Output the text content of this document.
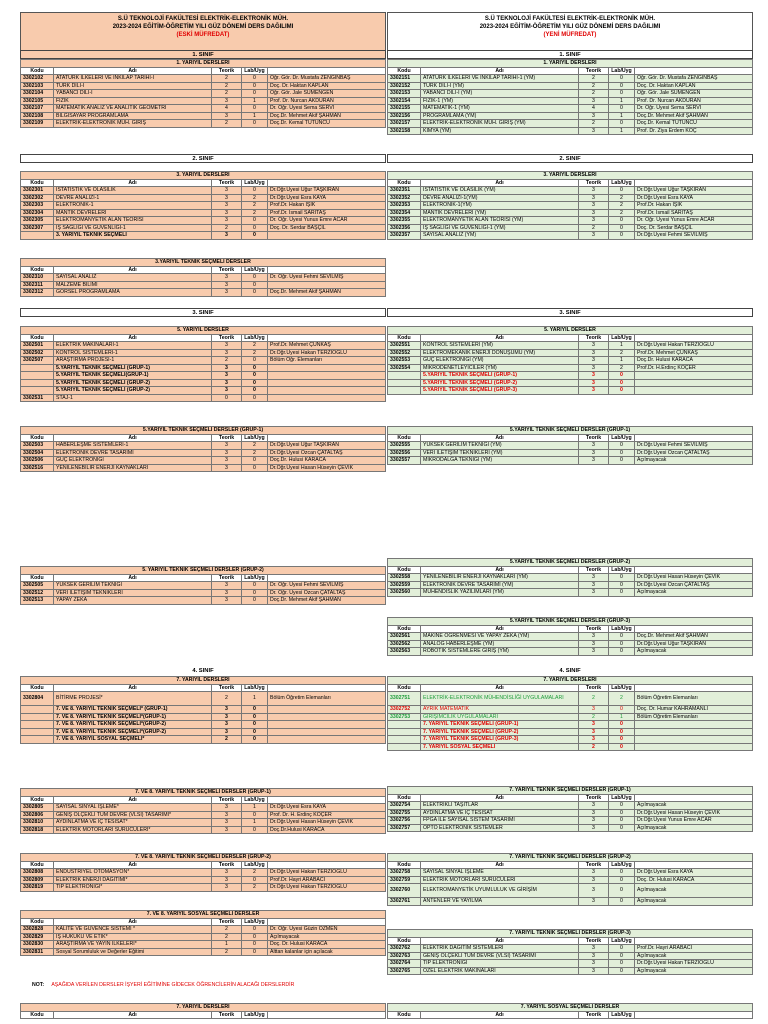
S.Ü TEKNOLOJİ FAKÜLTESİ ELEKTRİK-ELEKTRONİK MÜH.
2023-2024 EĞİTİM-ÖĞRETİM YILI GÜZ DÖNEMİ DERS DAĞILIMI
(ESKİ MÜFREDAT)
1. SINIF
1. YARIYIL DERSLERİ				
Kodu	Adı	Teorik	Lab/Uyg	
3302102	ATATÜRK İLKELERİ VE İNKILAP TARİHİ-I	2	0	Öğr. Gör. Dr. Mustafa ZENGİNBAŞ
3302103	TÜRK DİLİ-I	2	0	Doç. Dr. Haktan KAPLAN
3302104	YABANCI DİLİ-I	2	0	Öğr. Gör. Jale SÜMENGEN
3302105	FİZİK	3	1	Prof. Dr. Nurcan AKDURAN
3302107	MATEMATİK ANALİZ VE ANALİTİK GEOMETRİ	4	0	Dr. Öğr. Üyesi Sema SERVİ
3302108	BİLGİSAYAR PROGRAMLAMA	3	1	Doç.Dr. Mehmet Akif ŞAHMAN
3302109	ELEKTRİK-ELEKTRONİK MÜH. GİRİŞ	2	0	Doç.Dr. Kemal TÜTÜNCÜ
2. SINIF
3. YARIYIL DERSLERİ				
Kodu	Adı	Teorik	Lab/Uyg	
3302301	İSTATİSTİK VE OLASILIK	3	0	Dr.Öğr.Üyesi Uğur TAŞKIRAN
3302302	DEVRE ANALİZİ-1	3	2	Dr.Öğr.Üyesi Esra KAYA
3302303	ELEKTRONİK-1	3	2	Prof.Dr. Hakan IŞIK
3302304	MANTIK DEVRELERİ	3	2	Prof.Dr. İsmail SARITAŞ
3302305	ELEKTROMANYETİK ALAN TEORİSİ	3	0	Dr. Öğr. Üyesi Yunus Emre ACAR
3302307	İŞ SAĞLIĞI VE GÜVENLİĞİ-1	2	0	Doç. Dr. Serdar BAŞÇİL
	3. YARIYIL TEKNİK SEÇMELİ	3	0	
3.YARIYIL TEKNİK SEÇMELİ DERSLER				
Kodu	Adı	Teorik	Lab/Uyg	
3302310	SAYISAL ANALİZ	3	0	Dr. Öğr. Üyesi Fehmi SEVİLMİŞ
3302311	MALZEME BİLİMİ	3	0	
3302312	GÖRSEL PROGRAMLAMA	3	0	Doç.Dr. Mehmet Akif ŞAHMAN
3. SINIF
5. YARIYIL DERSLER				
Kodu	Adı	Teorik	Lab/Uyg	
3302501	ELEKTRİK MAKİNALARI-1	3	2	Prof.Dr. Mehmet ÇUNKAŞ
3302502	KONTROL SİSTEMLERİ-1	3	2	Dr.Öğr.Üyesi Hakan TERZİOĞLU
3302507	ARAŞTIRMA PROJESİ-1	2	0	Bölüm Öğr. Elemanları
	5.YARIYIL TEKNİK SEÇMELİ (GRUP-1)	3	0	
	5.YARIYIL TEKNİK SEÇMELİ(GRUP-1)	3	0	
	5.YARIYIL TEKNİK SEÇMELİ (GRUP-2)	3	0	
	5.YARIYIL TEKNİK SEÇMELİ (GRUP-2)	3	0	
3302531	STAJ-1	0	0	
5.YARIYIL TEKNİK SEÇMELİ DERSLER (GRUP-1)				
Kodu	Adı	Teorik	Lab/Uyg	
3302503	HABERLEŞME SİSTEMLERİ-1	3	2	Dr.Öğr.Üyesi Uğur TAŞKIRAN
3302504	ELEKTRONİK DEVRE TASARIMI	3	2	Dr.Öğr.Üyesi Özcan ÇATALTAŞ
3302506	GÜÇ ELEKTRONİĞİ	3	0	Doç.Dr. Hulusi KARACA
3302516	YENİLENEBİLİR ENERJİ KAYNAKLARI	3	0	Dr.Öğr.Üyesi Hasan Hüseyin ÇEVİK
5. YARIYIL TEKNİK SEÇMELİ DERSLER (GRUP-2)				
Kodu	Adı	Teorik	Lab/Uyg	
3302505	YÜKSEK GERİLİM TEKNİĞİ	3	0	Dr. Öğr. Üyesi Fehmi SEVİLMİŞ
3302512	VERİ İLETİŞİM TEKNİKLERİ	3	0	Dr. Öğr. Üyesi Özcan ÇATALTAŞ
3302513	YAPAY ZEKA	3	0	Doç.Dr. Mehmet Akif ŞAHMAN
4. SINIF
7. YARIYIL DERSLERİ				
Kodu	Adı	Teorik	Lab/Uyg	
3302804	BİTİRME PROJESİ*	2	1	Bölüm Öğretim Elemanları
	7. VE 8. YARIYIL TEKNİK SEÇMELİ* (GRUP-1)	3	0	
	7. VE 8. YARIYIL TEKNİK SEÇMELİ*(GRUP-1)	3	0	
	7. VE 8. YARIYIL TEKNİK SEÇMELİ*(GRUP-2)	3	0	
	7. VE 8. YARIYIL TEKNİK SEÇMELİ*(GRUP-2)	3	0	
	7. VE 8. YARIYIL SOSYAL SEÇMELİ*	2	0	
7. VE 8. YARIYIL TEKNİK SEÇMELİ DERSLER (GRUP-1)				
Kodu	Adı	Teorik	Lab/Uyg	
3302805	SAYISAL SİNYAL İŞLEME*	3	1	Dr.Öğr.Üyesi Esra KAYA
3302806	GENİŞ ÖLÇEKLİ TÜM DEVRE (VLSI) TASARIMI*	3	0	Prof. Dr. H. Erdinç KOÇER
3302810	AYDINLATMA VE İÇ TESİSAT*	3	1	Dr.Öğr.Üyesi Hasan Hüseyin ÇEVİK
3302818	ELEKTRİK MOTORLARI SÜRÜCÜLERİ*	3	0	Doç.Dr.Hulusi KARACA
7. VE 8. YARIYIL TEKNİK SEÇMELİ DERSLER (GRUP-2)				
Kodu	Adı	Teorik	Lab/Uyg	
3302808	ENDÜSTRİYEL OTOMASYON*	3	2	Dr.Öğr.Üyesi Hakan TERZİOĞLU
3302809	ELEKTRİK ENERJİ DAĞITIMI*	3	0	Prof.Dr. Hayri ARABACI
3302819	TIP ELEKTRONİĞİ*	3	2	Dr.Öğr.Üyesi Hakan TERZİOĞLU
7. VE 8. YARIYIL SOSYAL SEÇMELİ DERSLER				
Kodu	Adı	Teorik	Lab/Uyg	
3302828	KALİTE VE GÜVENCE SİSTEMİ *	2	0	Dr. Öğr. Üyesi Güzin ÖZMEN
3302829	İŞ HUKUKU VE ETİK*	2	0	Açılmayacak
3302830	ARAŞTIRMA VE YAYIN İLKELERİ*	1	0	Doç. Dr. Hulusi KARACA
3302831	Sosyal Sorumluluk ve Değerler Eğitimi	2	0	Alttan kalanlar için açılacak
NOT: AŞAĞIDA VERİLEN DERSLER İŞYERİ EĞİTİMİNE GİDECEK ÖĞRENCİLERİN ALACAĞI DERSLERDİR
7. YARIYIL DERSLERİ
Kodu	Adı	Teorik	Lab/Uyg	
S.Ü TEKNOLOJİ FAKÜLTESİ ELEKTRİK-ELEKTRONİK MÜH.
2023-2024 EĞİTİM-ÖĞRETİM YILI GÜZ DÖNEMİ DERS DAĞILIMI
(YENİ MÜFREDAT)
1. SINIF
1. YARIYIL DERSLERİ				
Kodu	Adı	Teorik	Lab/Uyg	
3302151	ATATÜRK İLKELERİ VE İNKILAP TARİHİ-1 (YM)	2	0	Öğr. Gör. Dr. Mustafa ZENGİNBAŞ
3302152	TÜRK DİLİ-I (YM)	2	0	Doç. Dr. Haktan KAPLAN
3302153	YABANCI DİLİ-I (YM)	2	0	Öğr. Gör. Jale SÜMENGEN
3302154	FİZİK-1 (YM)	3	1	Prof. Dr. Nurcan AKDURAN
3302155	MATEMATİK-1 (YM)	4	0	Dr. Öğr. Üyesi Sema SERVİ
3302156	PROGRAMLAMA (YM)	3	1	Doç.Dr. Mehmet Akif ŞAHMAN
3302157	ELEKTRİK-ELEKTRONİK MÜH. GİRİŞ (YM)	2	0	Doç.Dr. Kemal TÜTÜNCÜ
3302158	KİMYA (YM)	3	1	Prof. Dr. Ziya Erdem KOÇ
2. SINIF
3. YARIYIL DERSLERİ				
Kodu	Adı	Teorik	Lab/Uyg	
3302351	İSTATİSTİK VE OLASILIK (YM)	3	0	Dr.Öğr.Üyesi Uğur TAŞKIRAN
3302352	DEVRE ANALİZİ-1(YM)	3	2	Dr.Öğr.Üyesi Esra KAYA
3302353	ELEKTRONİK-1(YM)	3	2	Prof.Dr. Hakan IŞIK
3302354	MANTIK DEVRELERİ (YM)	3	2	Prof.Dr. İsmail SARITAŞ
3302355	ELEKTROMANYETİK ALAN TEORİSİ (YM)	3	0	Dr. Öğr. Üyesi Yunus Emre ACAR
3302356	İŞ SAĞLIĞI VE GÜVENLİĞİ-1 (YM)	2	0	Doç. Dr. Serdar BAŞÇİL
3302357	SAYISAL ANALİZ (YM)	3	0	Dr.Öğr.Üyesi Fehmi SEVİLMİŞ
3. SINIF
5. YARIYIL DERSLER				
Kodu	Adı	Teorik	Lab/Uyg	
3302551	KONTROL SİSTEMLERİ (YM)	3	1	Dr.Öğr.Üyesi Hakan TERZİOĞLU
3302552	ELEKTROMEKANİK ENERJİ DÖNÜŞÜMÜ (YM)	3	2	Prof.Dr. Mehmet ÇUNKAŞ
3302553	GÜÇ ELEKTRONİĞİ (YM)	3	1	Doç.Dr. Hulusi KARACA
3302554	MİKRODENETLEYİCİLER (YM)	3	2	Prof.Dr. H.Erdinç KOÇER
	5.YARIYIL TEKNİK SEÇMELİ (GRUP-1)	3	0	
	5.YARIYIL TEKNİK SEÇMELİ (GRUP-2)	3	0	
	5.YARIYIL TEKNİK SEÇMELİ (GRUP-3)	3	0	
5.YARIYIL TEKNİK SEÇMELİ DERSLER (GRUP-1)				
Kodu	Adı	Teorik	Lab/Uyg	
3302555	YÜKSEK GERİLİM TEKNİĞİ (YM)	3	0	Dr.Öğr.Üyesi Fehmi SEVİLMİŞ
3302556	VERİ İLETİŞİM TEKNİKLERİ (YM)	3	0	Dr.Öğr.Üyesi Özcan ÇATALTAŞ
3302557	MİKRODALGA TEKNİĞİ (YM)	3	0	Açılmayacak
5.YARIYIL TEKNİK SEÇMELİ DERSLER (GRUP-2)				
Kodu	Adı	Teorik	Lab/Uyg	
3302558	YENİLENEBİLİR ENERJİ KAYNAKLARI (YM)	3	0	Dr.Öğr.Üyesi Hasan Hüseyin ÇEVİK
3302559	ELEKTRONİK DEVRE TASARIMI (YM)	3	0	Dr.Öğr.Üyesi Özcan ÇATALTAŞ
3302560	MÜHENDİSLİK YAZILIMLARI (YM)	3	0	Açılmayacak
5.YARIYIL TEKNİK SEÇMELİ DERSLER (GRUP-3)				
Kodu	Adı	Teorik	Lab/Uyg	
3302561	MAKİNE ÖĞRENMESİ VE YAPAY ZEKA (YM)	3	0	Doç.Dr. Mehmet Akif ŞAHMAN
3302562	ANALOG HABERLEŞME (YM)	3	0	Dr.Öğr.Üyesi Uğur TAŞKIRAN
3302563	ROBOTİK SİSTEMLERE GİRİŞ (YM)	3	0	Açılmayacak
4. SINIF
7. YARIYIL DERSLERİ				
Kodu	Adı	Teorik	Lab/Uyg	
3302751	ELEKTRİK-ELEKTRONİK MÜHENDİSLİĞİ UYGULAMALARI	2	2	Bölüm Öğretim Elemanları
3302752	AYRIK MATEMATİK	3	0	Doç. Dr. Humar KAHRAMANLI
3302753	GİRİŞİMCİLİK UYGULAMALARI	2	1	Bölüm Öğretim Elemanları
	7. YARIYIL TEKNİK SEÇMELİ (GRUP-1)	3	0	
	7. YARIYIL TEKNİK SEÇMELİ (GRUP-2)	3	0	
	7. YARIYIL TEKNİK SEÇMELİ (GRUP-3)	3	0	
	7. YARIYIL SOSYAL SEÇMELİ	2	0	
7. YARIYIL TEKNİK SEÇMELİ DERSLER (GRUP-1)				
Kodu	Adı	Teorik	Lab/Uyg	
3302754	ELEKTRİKLİ TAŞITLAR	3	0	Açılmayacak
3302755	AYDINLATMA VE İÇ TESİSAT	3	0	Dr.Öğr.Üyesi Hasan Hüseyin ÇEVİK
3302756	FPGA İLE SAYISAL SİSTEM TASARIMI	3	0	Dr.Öğr.Üyesi Yunus Emre ACAR
3302757	OPTO ELEKTRONİK SİSTEMLER	3	0	Açılmayacak
7. YARIYIL TEKNİK SEÇMELİ DERSLER (GRUP-2)				
Kodu	Adı	Teorik	Lab/Uyg	
3302758	SAYISAL SİNYAL İŞLEME	3	0	Dr.Öğr.Üyesi Esra KAYA
3302759	ELEKTRİK MOTORLARI SÜRÜCÜLERİ	3	0	Doç. Dr. Hulusi KARACA
3302760	ELEKTROMANYETİK UYUMLULUK VE GİRİŞİM	3	0	Açılmayacak
3302761	ANTENLER VE YAYILMA	3	0	Açılmayacak
7. YARIYIL TEKNİK SEÇMELİ DERSLER (GRUP-3)				
Kodu	Adı	Teorik	Lab/Uyg	
3302762	ELEKTRİK DAĞITIM SİSTEMLERİ	3	0	Prof.Dr. Hayri ARABACI
3302763	GENİŞ ÖLÇEKLİ TÜM DEVRE (VLSI) TASARIMI	3	0	Açılmayacak
3302764	TIP ELEKTRONİĞİ	3	0	Dr.Öğr.Üyesi Hakan TERZİOĞLU
3302765	ÖZEL ELEKTRİK MAKİNALARI	3	0	Açılmayacak
7. YARIYIL SOSYAL SEÇMELİ DERSLER
Kodu	Adı	Teorik	Lab/Uyg	
